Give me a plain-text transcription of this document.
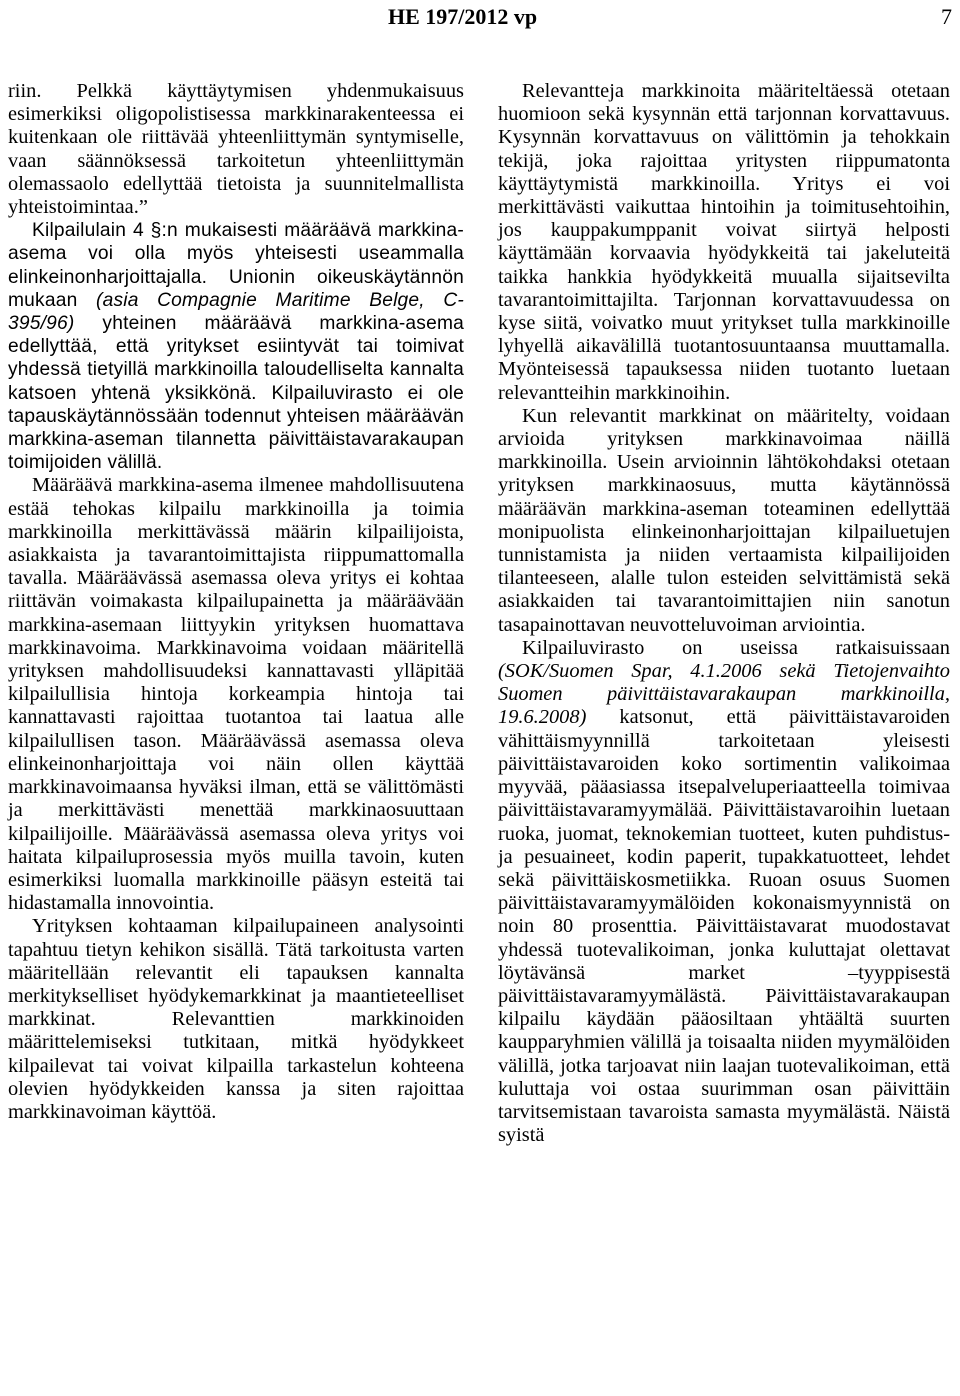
HE 197/2012 vp	7

riin. Pelkkä käyttäytymisen yhdenmukaisuus esimerkiksi oligopolistisessa markkinarakenteessa ei kuitenkaan ole riittävää yhteenliittymän syntymiselle, vaan säännöksessä tarkoitetun yhteenliittymän olemassaolo edellyttää tietoista ja suunnitelmallista yhteistoimintaa.”

Kilpailulain 4 §:n mukaisesti määräävä markkina-asema voi olla myös yhteisesti useammalla elinkeinonharjoittajalla. Unionin oikeuskäytännön mukaan (asia Compagnie Maritime Belge, C-395/96) yhteinen määräävä markkina-asema edellyttää, että yritykset esiintyvät tai toimivat yhdessä tietyillä markkinoilla taloudelliselta kannalta katsoen yhtenä yksikkönä. Kilpailuvirasto ei ole tapauskäytännössään todennut yhteisen määräävän markkina-aseman tilannetta päivittäistavarakaupan toimijoiden välillä.

Määräävä markkina-asema ilmenee mahdollisuutena estää tehokas kilpailu markkinoilla ja toimia markkinoilla merkittävässä määrin kilpailijoista, asiakkaista ja tavarantoimittajista riippumattomalla tavalla. Määräävässä asemassa oleva yritys ei kohtaa riittävän voimakasta kilpailupainetta ja määräävään markkina-asemaan liittyykin yrityksen huomattava markkinavoima. Markkinavoima voidaan määritellä yrityksen mahdollisuudeksi kannattavasti ylläpitää kilpailullisia hintoja korkeampia hintoja tai kannattavasti rajoittaa tuotantoa tai laatua alle kilpailullisen tason. Määräävässä asemassa oleva elinkeinonharjoittaja voi näin ollen käyttää markkinavoimaansa hyväksi ilman, että se välittömästi ja merkittävästi menettää markkinaosuuttaan kilpailijoille. Määräävässä asemassa oleva yritys voi haitata kilpailuprosessia myös muilla tavoin, kuten esimerkiksi luomalla markkinoille pääsyn esteitä tai hidastamalla innovointia.

Yrityksen kohtaaman kilpailupaineen analysointi tapahtuu tietyn kehikon sisällä. Tätä tarkoitusta varten määritellään relevantit eli tapauksen kannalta merkitykselliset hyödykemarkkinat ja maantieteelliset markkinat. Relevanttien markkinoiden määrittelemiseksi tutkitaan, mitkä hyödykkeet kilpailevat tai voivat kilpailla tarkastelun kohteena olevien hyödykkeiden kanssa ja siten rajoittaa markkinavoiman käyttöä.

Relevantteja markkinoita määriteltäessä otetaan huomioon sekä kysynnän että tarjonnan korvattavuus. Kysynnän korvattavuus on välittömin ja tehokkain tekijä, joka rajoittaa yritysten riippumatonta käyttäytymistä markkinoilla. Yritys ei voi merkittävästi vaikuttaa hintoihin ja toimitusehtoihin, jos kauppakumppanit voivat siirtyä helposti käyttämään korvaavia hyödykkeitä tai jakeluteitä taikka hankkia hyödykkeitä muualla sijaitsevilta tavarantoimittajilta. Tarjonnan korvattavuudessa on kyse siitä, voivatko muut yritykset tulla markkinoille lyhyellä aikavälillä tuotantosuuntaansa muuttamalla. Myönteisessä tapauksessa niiden tuotanto luetaan relevantteihin markkinoihin.

Kun relevantit markkinat on määritelty, voidaan arvioida yrityksen markkinavoimaa näillä markkinoilla. Usein arvioinnin lähtökohdaksi otetaan yrityksen markkinaosuus, mutta käytännössä määräävän markkina-aseman toteaminen edellyttää monipuolista elinkeinonharjoittajan kilpailuetujen tunnistamista ja niiden vertaamista kilpailijoiden tilanteeseen, alalle tulon esteiden selvittämistä sekä asiakkaiden tai tavarantoimittajien niin sanotun tasapainottavan neuvotteluvoiman arviointia.

Kilpailuvirasto on useissa ratkaisuissaan (SOK/Suomen Spar, 4.1.2006 sekä Tietojenvaihto Suomen päivittäistavarakaupan markkinoilla, 19.6.2008) katsonut, että päivittäistavaroiden vähittäismyynnillä tarkoitetaan yleisesti päivittäistavaroiden koko sortimentin valikoimaa myyvää, pääasiassa itsepalveluperiaatteella toimivaa päivittäistavaramyymälää. Päivittäistavaroihin luetaan ruoka, juomat, teknokemian tuotteet, kuten puhdistus- ja pesuaineet, kodin paperit, tupakkatuotteet, lehdet sekä päivittäiskosmetiikka. Ruoan osuus Suomen päivittäistavaramyymälöiden kokonaismyynnistä on noin 80 prosenttia. Päivittäistavarat muodostavat yhdessä tuotevalikoiman, jonka kuluttajat olettavat löytävänsä market –tyyppisestä päivittäistavaramyymälästä. Päivittäistavarakaupan kilpailu käydään pääosiltaan yhtäältä suurten kaupparyhmien välillä ja toisaalta niiden myymälöiden välillä, jotka tarjoavat niin laajan tuotevalikoiman, että kuluttaja voi ostaa suurimman osan päivittäin tarvitsemistaan tavaroista samasta myymälästä. Näistä syistä
